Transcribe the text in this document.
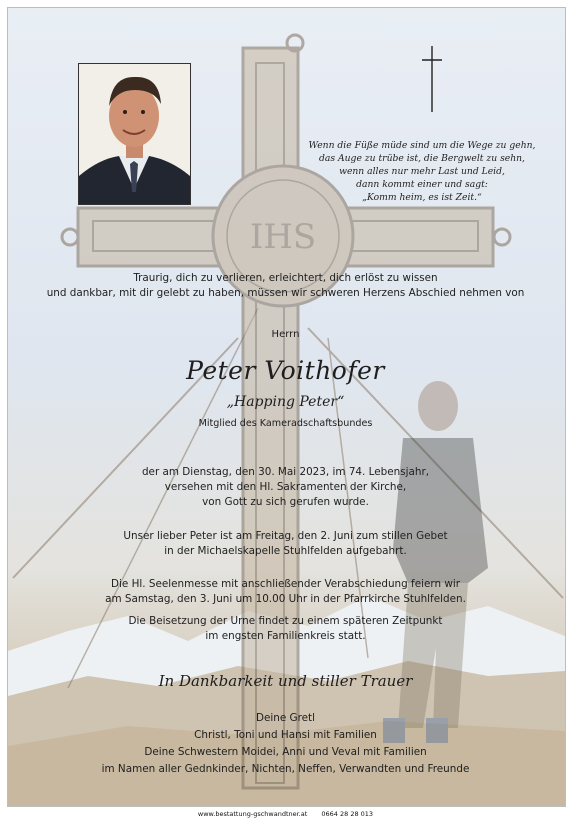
IHS
Wenn die Füße müde sind um die Wege zu gehn,
das Auge zu trübe ist, die Bergwelt zu sehn,
wenn alles nur mehr Last und Leid,
dann kommt einer und sagt:
„Komm heim, es ist Zeit.“
Traurig, dich zu verlieren, erleichtert, dich erlöst zu wissen
und dankbar, mit dir gelebt zu haben, müssen wir schweren Herzens Abschied nehmen von
Herrn
Peter Voithofer
„Happing Peter“
Mitglied des Kameradschaftsbundes
der am Dienstag, den 30. Mai 2023, im 74. Lebensjahr,
versehen mit den Hl. Sakramenten der Kirche,
von Gott zu sich gerufen wurde.
Unser lieber Peter ist am Freitag, den 2. Juni zum stillen Gebet
in der Michaelskapelle Stuhlfelden aufgebahrt.
Die Hl. Seelenmesse mit anschließender Verabschiedung feiern wir
am Samstag, den 3. Juni um 10.00 Uhr in der Pfarrkirche Stuhlfelden.
Die Beisetzung der Urne findet zu einem späteren Zeitpunkt
im engsten Familienkreis statt.
In Dankbarkeit und stiller Trauer
Deine Gretl
Christl, Toni und Hansi mit Familien
Deine Schwestern Moidei, Anni und Veval mit Familien
im Namen aller Gednkinder, Nichten, Neffen, Verwandten und Freunde
www.bestattung-gschwandtner.at 0664 28 28 013
